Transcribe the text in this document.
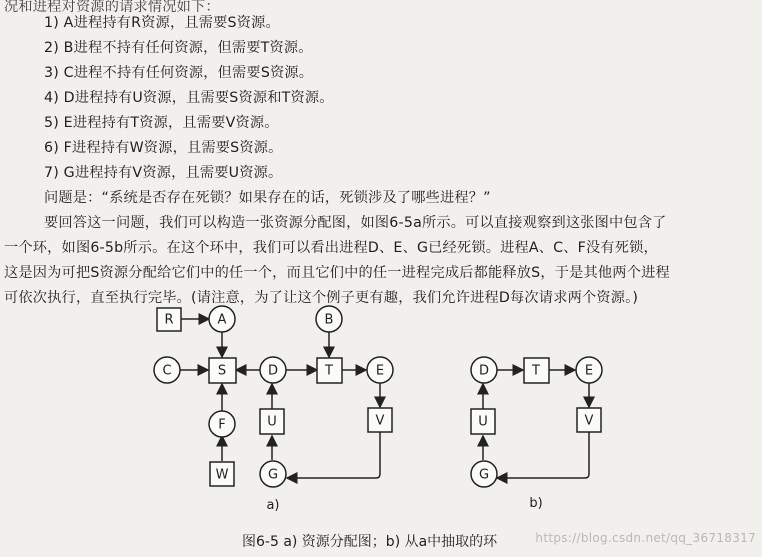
况和进程对资源的请求情况如下：
1) A进程持有R资源，且需要S资源。
2) B进程不持有任何资源，但需要T资源。
3) C进程不持有任何资源，但需要S资源。
4) D进程持有U资源，且需要S资源和T资源。
5) E进程持有T资源，且需要V资源。
6) F进程持有W资源，且需要S资源。
7) G进程持有V资源，且需要U资源。
问题是：“系统是否存在死锁？如果存在的话，死锁涉及了哪些进程？”
要回答这一问题，我们可以构造一张资源分配图，如图6-5a所示。可以直接观察到这张图中包含了
一个环，如图6-5b所示。在这个环中，我们可以看出进程D、E、G已经死锁。进程A、C、F没有死锁，
这是因为可把S资源分配给它们中的任一个，而且它们中的任一进程完成后都能释放S，于是其他两个进程
可依次执行，直至执行完毕。(请注意，为了让这个例子更有趣，我们允许进程D每次请求两个资源。)
R	A	B
C	S	D	T	E
F	U	V
W	G
D	T	E
U	V
G
a)	b)
图6-5 a) 资源分配图；b) 从a中抽取的环	https://blog.csdn.net/qq_36718317
